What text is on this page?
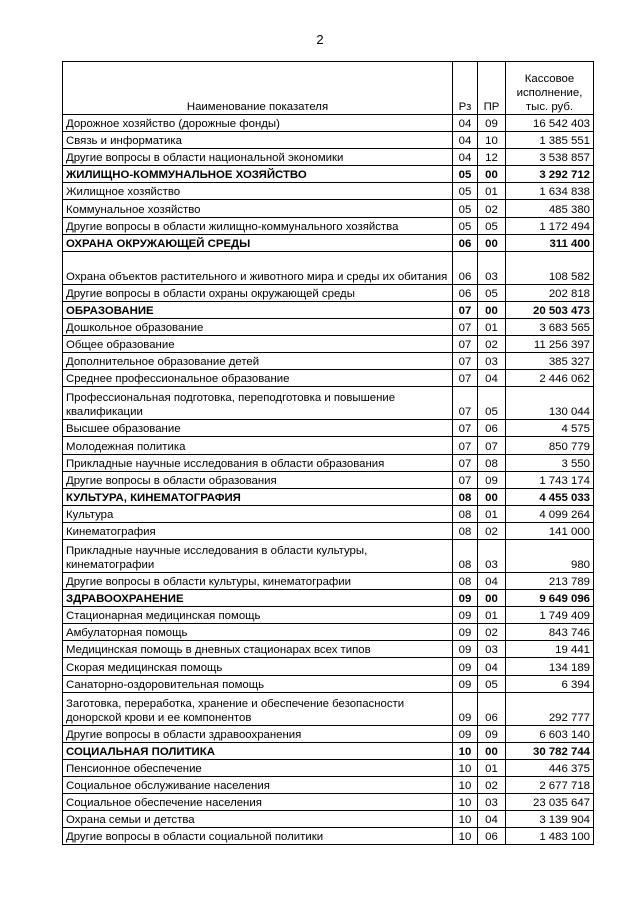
2
Наименование показателя	Рз	ПР	Кассовое исполнение, тыс. руб.
Дорожное хозяйство (дорожные фонды)	04	09	16 542 403
Связь и информатика	04	10	1 385 551
Другие вопросы в области национальной экономики	04	12	3 538 857
ЖИЛИЩНО-КОММУНАЛЬНОЕ ХОЗЯЙСТВО	05	00	3 292 712
Жилищное хозяйство	05	01	1 634 838
Коммунальное хозяйство	05	02	485 380
Другие вопросы в области жилищно-коммунального хозяйства	05	05	1 172 494
ОХРАНА ОКРУЖАЮЩЕЙ СРЕДЫ	06	00	311 400
Охрана объектов растительного и животного мира и среды их обитания	06	03	108 582
Другие вопросы в области охраны окружающей среды	06	05	202 818
ОБРАЗОВАНИЕ	07	00	20 503 473
Дошкольное образование	07	01	3 683 565
Общее образование	07	02	11 256 397
Дополнительное образование детей	07	03	385 327
Среднее профессиональное образование	07	04	2 446 062
Профессиональная подготовка, переподготовка и повышение квалификации	07	05	130 044
Высшее образование	07	06	4 575
Молодежная политика	07	07	850 779
Прикладные научные исследования в области образования	07	08	3 550
Другие вопросы в области образования	07	09	1 743 174
КУЛЬТУРА, КИНЕМАТОГРАФИЯ	08	00	4 455 033
Культура	08	01	4 099 264
Кинематография	08	02	141 000
Прикладные научные исследования в области культуры, кинематографии	08	03	980
Другие вопросы в области культуры, кинематографии	08	04	213 789
ЗДРАВООХРАНЕНИЕ	09	00	9 649 096
Стационарная медицинская помощь	09	01	1 749 409
Амбулаторная помощь	09	02	843 746
Медицинская помощь в дневных стационарах всех типов	09	03	19 441
Скорая медицинская помощь	09	04	134 189
Санаторно-оздоровительная помощь	09	05	6 394
Заготовка, переработка, хранение и обеспечение безопасности донорской крови и ее компонентов	09	06	292 777
Другие вопросы в области здравоохранения	09	09	6 603 140
СОЦИАЛЬНАЯ ПОЛИТИКА	10	00	30 782 744
Пенсионное обеспечение	10	01	446 375
Социальное обслуживание населения	10	02	2 677 718
Социальное обеспечение населения	10	03	23 035 647
Охрана семьи и детства	10	04	3 139 904
Другие вопросы в области социальной политики	10	06	1 483 100
